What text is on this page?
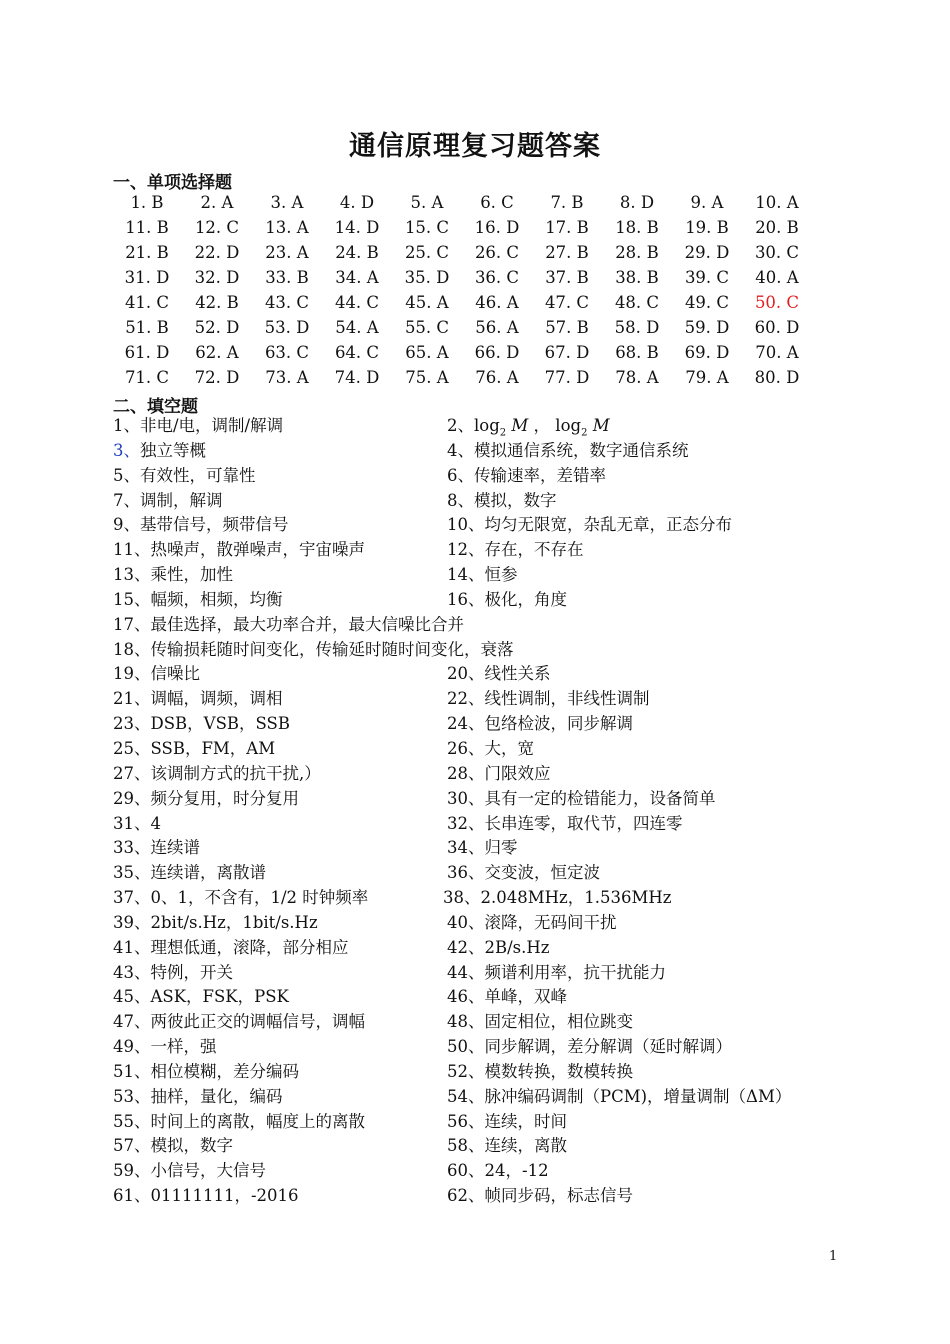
通信原理复习题答案
一、单项选择题
1. B	2. A	3. A	4. D	5. A	6. C	7. B	8. D	9. A	10. A
11. B	12. C	13. A	14. D	15. C	16. D	17. B	18. B	19. B	20. B
21. B	22. D	23. A	24. B	25. C	26. C	27. B	28. B	29. D	30. C
31. D	32. D	33. B	34. A	35. D	36. C	37. B	38. B	39. C	40. A
41. C	42. B	43. C	44. C	45. A	46. A	47. C	48. C	49. C	50. C
51. B	52. D	53. D	54. A	55. C	56. A	57. B	58. D	59. D	60. D
61. D	62. A	63. C	64. C	65. A	66. D	67. D	68. B	69. D	70. A
71. C	72. D	73. A	74. D	75. A	76. A	77. D	78. A	79. A	80. D
二、填空题
1、非电/电，调制/解调	2、$\log_2 M$ ， $\log_2 M$
3、独立等概	4、模拟通信系统，数字通信系统
5、有效性，可靠性	6、传输速率，差错率
7、调制，解调	8、模拟，数字
9、基带信号，频带信号	10、均匀无限宽，杂乱无章，正态分布
11、热噪声，散弹噪声，宇宙噪声	12、存在，不存在
13、乘性，加性	14、恒参
15、幅频，相频，均衡	16、极化，角度
17、最佳选择，最大功率合并，最大信噪比合并
18、传输损耗随时间变化，传输延时随时间变化，衰落
19、信噪比	20、线性关系
21、调幅，调频，调相	22、线性调制，非线性调制
23、DSB，VSB，SSB	24、包络检波，同步解调
25、SSB，FM，AM	26、大，宽
27、该调制方式的抗干扰,）	28、门限效应
29、频分复用，时分复用	30、具有一定的检错能力，设备简单
31、4	32、长串连零，取代节，四连零
33、连续谱	34、归零
35、连续谱，离散谱	36、交变波，恒定波
37、0、1，不含有，1/2 时钟频率	38、2.048MHz，1.536MHz
39、2bit/s.Hz，1bit/s.Hz	40、滚降，无码间干扰
41、理想低通，滚降，部分相应	42、2B/s.Hz
43、特例，开关	44、频谱利用率，抗干扰能力
45、ASK，FSK，PSK	46、单峰，双峰
47、两彼此正交的调幅信号，调幅	48、固定相位，相位跳变
49、一样，强	50、同步解调，差分解调（延时解调）
51、相位模糊，差分编码	52、模数转换，数模转换
53、抽样，量化，编码	54、脉冲编码调制（PCM)，增量调制（ΔM）
55、时间上的离散，幅度上的离散	56、连续，时间
57、模拟，数字	58、连续，离散
59、小信号，大信号	60、24，-12
61、01111111，-2016	62、帧同步码，标志信号
1
